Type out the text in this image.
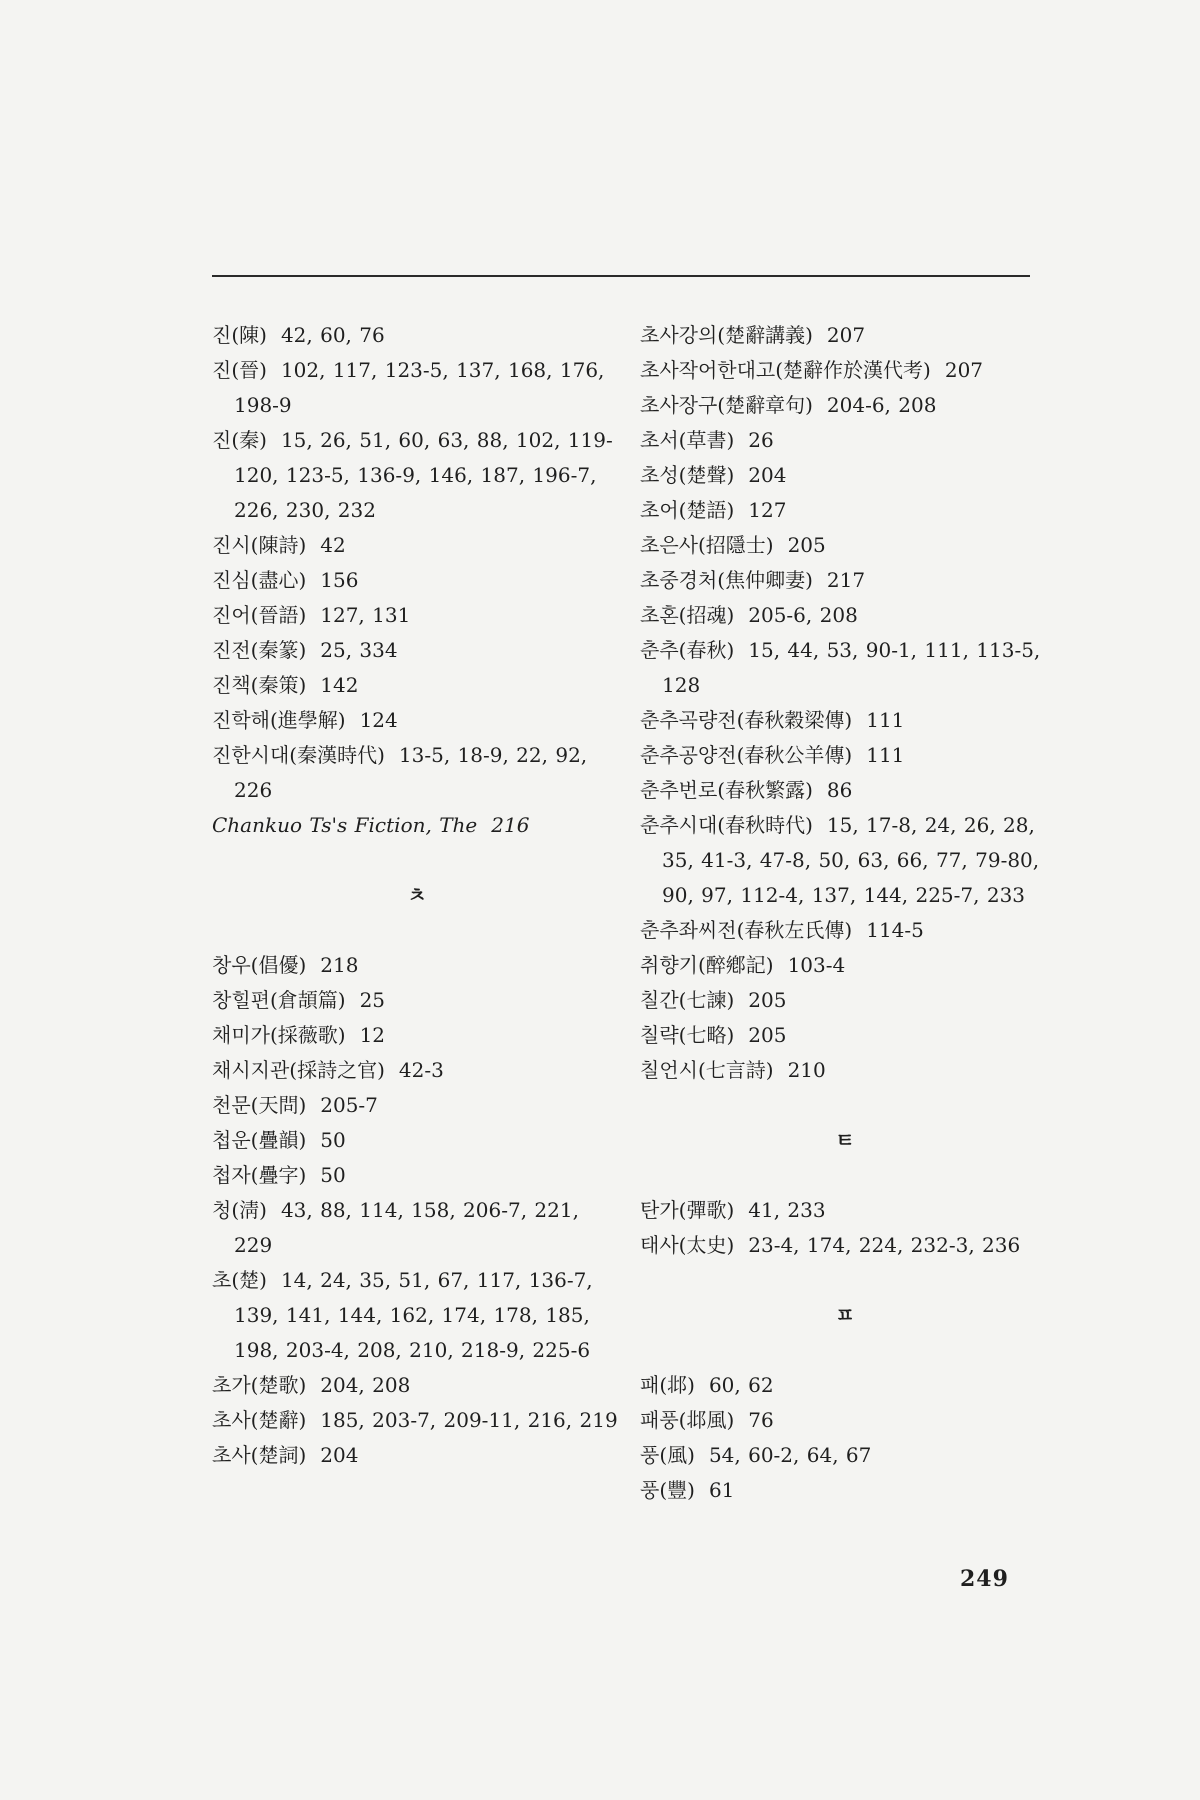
진(陳) 42, 60, 76
진(晉) 102, 117, 123-5, 137, 168, 176, 198-9
진(秦) 15, 26, 51, 60, 63, 88, 102, 119-120, 123-5, 136-9, 146, 187, 196-7, 226, 230, 232
진시(陳詩) 42
진심(盡心) 156
진어(晉語) 127, 131
진전(秦篆) 25, 334
진책(秦策) 142
진학해(進學解) 124
진한시대(秦漢時代) 13-5, 18-9, 22, 92, 226
Chankuo Ts's Fiction, The 216
ㅊ
창우(倡優) 218
창힐편(倉頡篇) 25
채미가(採薇歌) 12
채시지관(採詩之官) 42-3
천문(天問) 205-7
첩운(疊韻) 50
첩자(疊字) 50
청(淸) 43, 88, 114, 158, 206-7, 221, 229
초(楚) 14, 24, 35, 51, 67, 117, 136-7, 139, 141, 144, 162, 174, 178, 185, 198, 203-4, 208, 210, 218-9, 225-6
초가(楚歌) 204, 208
초사(楚辭) 185, 203-7, 209-11, 216, 219
초사(楚詞) 204
초사강의(楚辭講義) 207
초사작어한대고(楚辭作於漢代考) 207
초사장구(楚辭章句) 204-6, 208
초서(草書) 26
초성(楚聲) 204
초어(楚語) 127
초은사(招隱士) 205
초중경처(焦仲卿妻) 217
초혼(招魂) 205-6, 208
춘추(春秋) 15, 44, 53, 90-1, 111, 113-5, 128
춘추곡량전(春秋穀梁傳) 111
춘추공양전(春秋公羊傳) 111
춘추번로(春秋繁露) 86
춘추시대(春秋時代) 15, 17-8, 24, 26, 28, 35, 41-3, 47-8, 50, 63, 66, 77, 79-80, 90, 97, 112-4, 137, 144, 225-7, 233
춘추좌씨전(春秋左氏傳) 114-5
취향기(醉鄕記) 103-4
칠간(七諫) 205
칠략(七略) 205
칠언시(七言詩) 210
ㅌ
탄가(彈歌) 41, 233
태사(太史) 23-4, 174, 224, 232-3, 236
ㅍ
패(邶) 60, 62
패풍(邶風) 76
풍(風) 54, 60-2, 64, 67
풍(豐) 61
249
